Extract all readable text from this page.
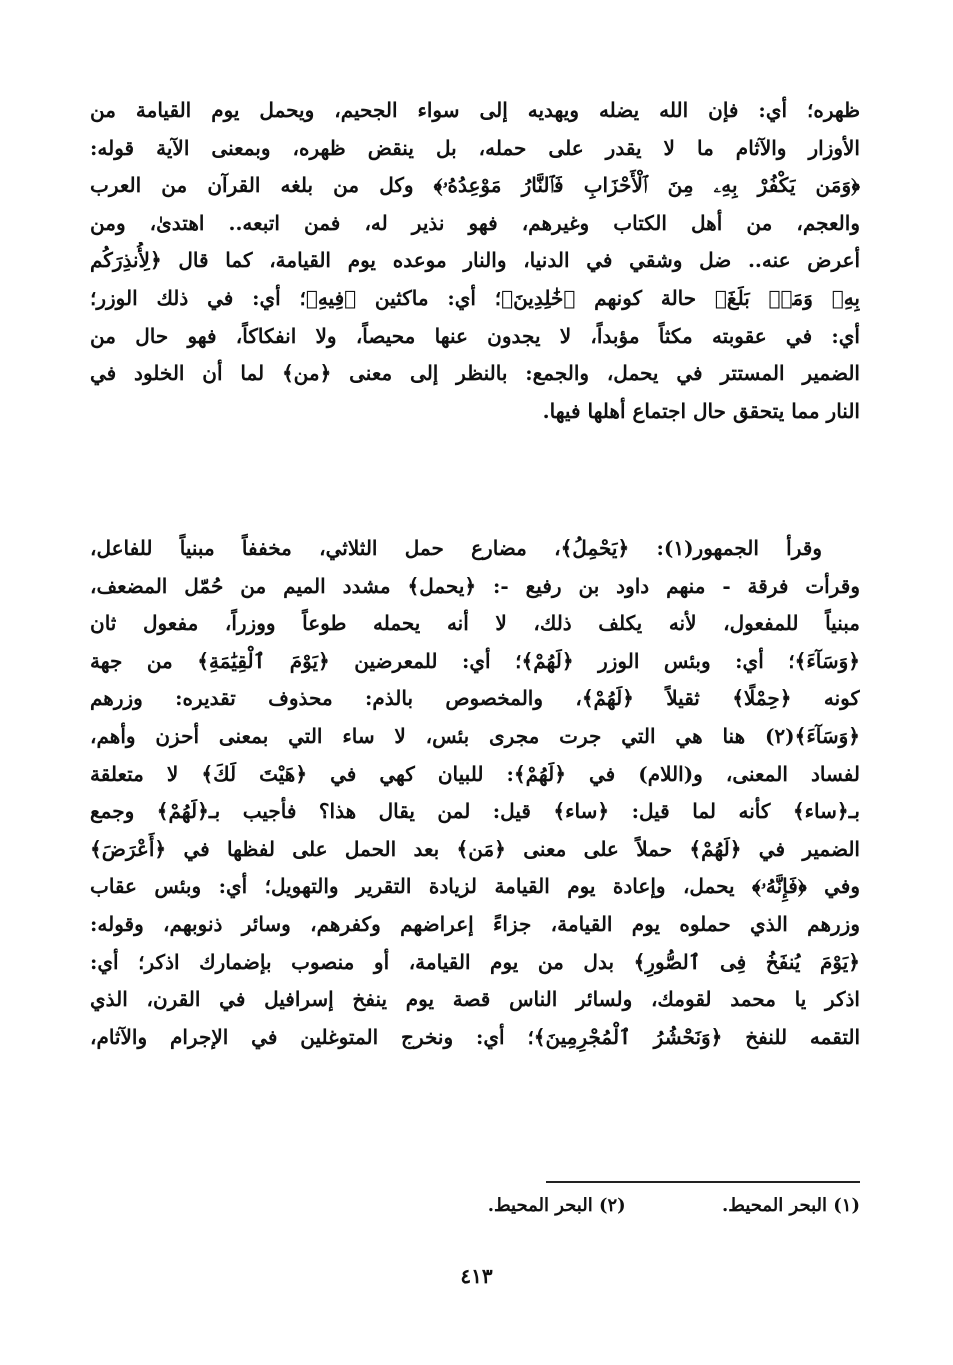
ظهره؛ أي: فإن الله يضله ويهديه إلى سواء الجحيم، ويحمل يوم القيامة من
الأوزار والآثام ما لا يقدر على حمله، بل ينقض ظهره، وبمعنى الآية قوله:
﴿وَمَن يَكْفُرْ بِهِۦ مِنَ ٱلْأَحْزَابِ فَٱلنَّارُ مَوْعِدُهُۥ﴾ وكل من بلغه القرآن من العرب
والعجم، من أهل الكتاب وغيرهم، فهو نذير له، فمن اتبعه.. اهتدىٰ، ومن
أعرض عنه.. ضل وشقي في الدنيا، والنار موعده يوم القيامة، كما قال ﴿لِأُنذِرَكُم
بِهِۦ وَمَنۢ بَلَغَ﴾ حالة كونهم ﴿خَٰلِدِينَ﴾؛ أي: ماكثين ﴿فِيهِ﴾؛ أي: في ذلك الوزر؛
أي: في عقوبته مكثاً مؤبداً، لا يجدون عنها محيصاً، ولا انفكاكاً، فهو حال من
الضمير المستتر في يحمل، والجمع: بالنظر إلى معنى ﴿من﴾ لما أن الخلود في
النار مما يتحقق حال اجتماع أهلها فيها.
وقرأ الجمهور(١): ﴿يَحْمِلُ﴾، مضارع حمل الثلاثي، مخففاً مبنياً للفاعل،
وقرأت فرقة - منهم داود بن رفيع -: ﴿يحمل﴾ مشدد الميم من حُمّل المضعف،
مبنياً للمفعول، لأنه يكلف ذلك، لا أنه يحمله طوعاً ووزراً، مفعول ثان
﴿وَسَآءَ﴾؛ أي: وبئس الوزر ﴿لَهُمْ﴾؛ أي: للمعرضين ﴿يَوْمَ ٱلْقِيَٰمَةِ﴾ من جهة
كونه ﴿حِمْلًا﴾ ثقيلاً ﴿لَهُمْ﴾، والمخصوص بالذم: محذوف تقديره: وزرهم
﴿وَسَآءَ﴾(٢) هنا هي التي جرت مجرى بئس، لا ساء التي بمعنى أحزن وأهم،
لفساد المعنى، و(اللام) في ﴿لَهُمْ﴾: للبيان كهي في ﴿هَيْتَ لَكَ﴾ لا متعلقة
بـ﴿ساء﴾ كأنه لما قيل: ﴿ساء﴾ قيل: لمن يقال هذا؟ فأجيب بـ﴿لَهُمْ﴾ وجمع
الضمير في ﴿لَهُمْ﴾ حملاً على معنى ﴿مَن﴾ بعد الحمل على لفظها في ﴿أَعْرَضَ﴾
وفي ﴿فَإِنَّهُۥ﴾ يحمل، وإعادة يوم القيامة لزيادة التقرير والتهويل؛ أي: وبئس عقاب
وزرهم الذي حملوه يوم القيامة، جزاءً إعراضهم وكفرهم، وسائر ذنوبهم، وقوله:
﴿يَوْمَ يُنفَخُ فِى ٱلصُّورِ﴾ بدل من يوم القيامة، أو منصوب بإضمارك اذكر؛ أي:
اذكر يا محمد لقومك، ولسائر الناس قصة يوم ينفخ إسرافيل في القرن، الذي
التقمه للنفخ ﴿وَنَحْشُرُ ٱلْمُجْرِمِينَ﴾؛ أي: ونخرج المتوغلين في الإجرام والآثام،
(١) البحر المحيط. (٢) البحر المحيط.
٤١٣
